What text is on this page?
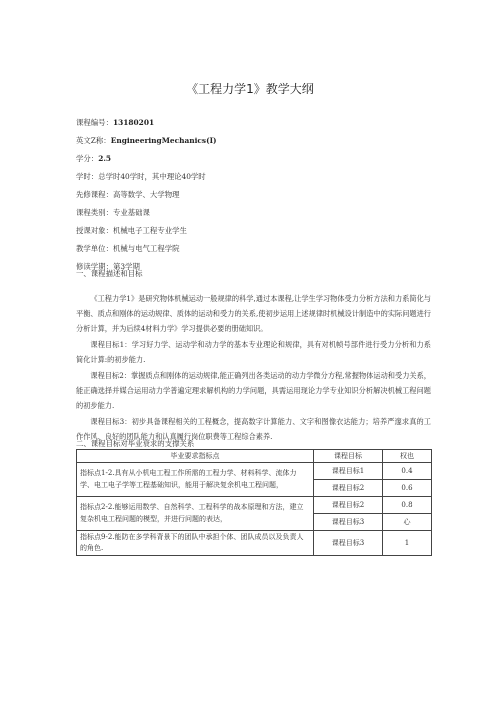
《工程力学1》教学大纲
课程编号：13180201
英文Z称：EngineeringMechanics(I)
学分：2.5
学时：总学时40学时，其中理论40学时
先修课程：高等数学、大学物理
课程类别：专业基础课
授课对象：机械电子工程专业学生
教学单位：机械与电气工程学院
修读学期：第3学期
一、课程描述和目标

《工程力学1》是研究物体机械运动一般规律的科学,通过本课程,让学生学习物体受力分析方法和力系简化与平衡、质点和刚体的运动规律、质体的运动和受力的关系,使初步运用上述规律时机械设计制造中的实际问题进行分析计算，并为后续4材料力学》学习提供必要的册础知识。

课程目标1：学习好力学、运动学和动力学的基本专业理论和规律，具有对机帧号部件进行受力分析和力系简化计算:的初步能力.

课程目标2：掌握质点和刚体的运动规律,能正确列出各类运动的动力学微分方程,常握物体运动和受力关系，能正确选择并媒合运用动力学普遍定理求解机构的力学问题，具需运用现论力学专业知识分析解决机械工程问题的初步能力.

课程目标3：初步具备课程相关的工程概念，提高数字计算能力、文字和图像衣达能力；培养严邃求真的工作作风、良好的团队能力和认真履行岗位职费等工程综合素养.

二、课程目标对毕业衰求的支撑关系
毕业要求指标点	课程目标	权也
指标点1-2.具有从小机电工程工作所需的工程力学、材料科学、流体力学、电工电子学等工程基础知识，能用于解决复余机电工程问题，	课程目标1	0.4
	课程目标2	0.6
指标点2-2.能够运用数学、自然科学、工程科学的战本原理和方法，建立复杂机电工程问题的模型，并进行问题的表达，	课程目标2	0.8
	课程目标3	心
指标点9-2.能防在多学科背景下的团队中承担个体、团队成员以及负责人的角色.	课程目标3	1
